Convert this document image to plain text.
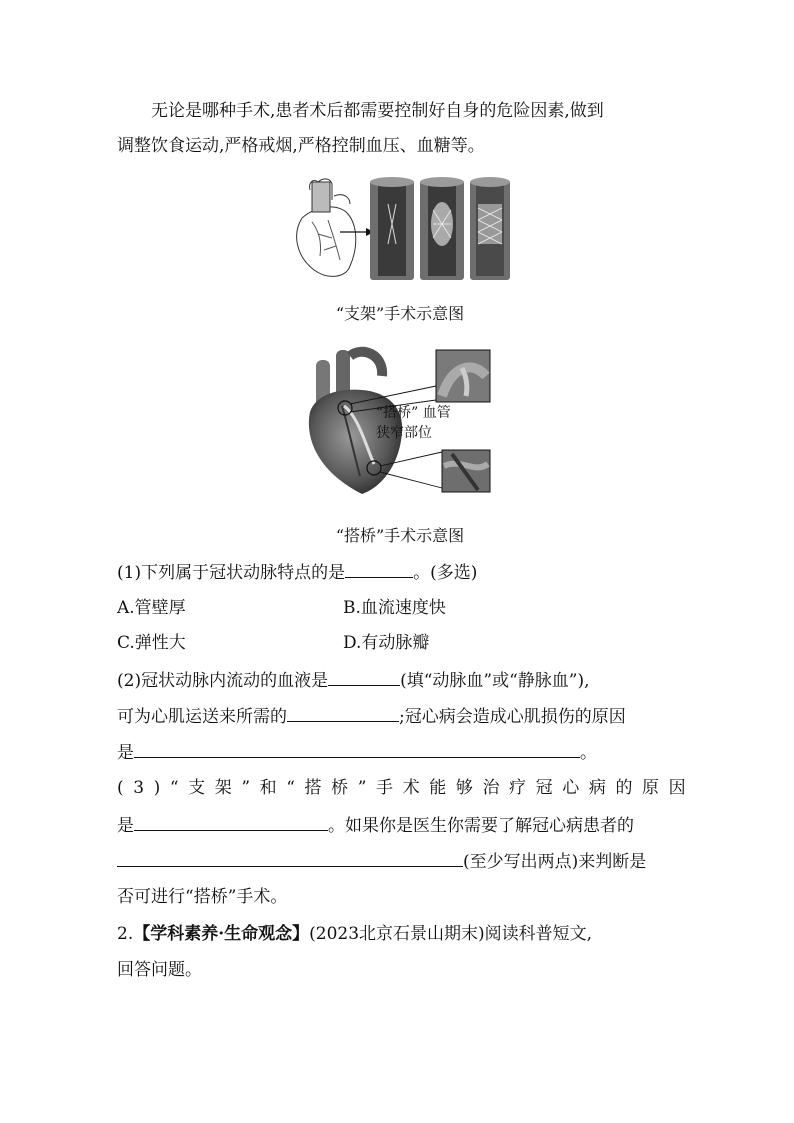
无论是哪种手术,患者术后都需要控制好自身的危险因素,做到
调整饮食运动,严格戒烟,严格控制血压、血糖等。
“支架”手术示意图
“搭桥” 血管
狭窄部位
“搭桥”手术示意图
(1)下列属于冠状动脉特点的是	。(多选)
A.管壁厚	B.血流速度快
C.弹性大	D.有动脉瓣
(2)冠状动脉内流动的血液是	(填“动脉血”或“静脉血”),
可为心肌运送来所需的	;冠心病会造成心肌损伤的原因
是	。
(3)“支架”和“搭桥”手术能够治疗冠心病的原因
是	。如果你是医生你需要了解冠心病患者的
(至少写出两点)来判断是
否可进行“搭桥”手术。
2.【学科素养·生命观念】(2023北京石景山期末)阅读科普短文,
回答问题。
